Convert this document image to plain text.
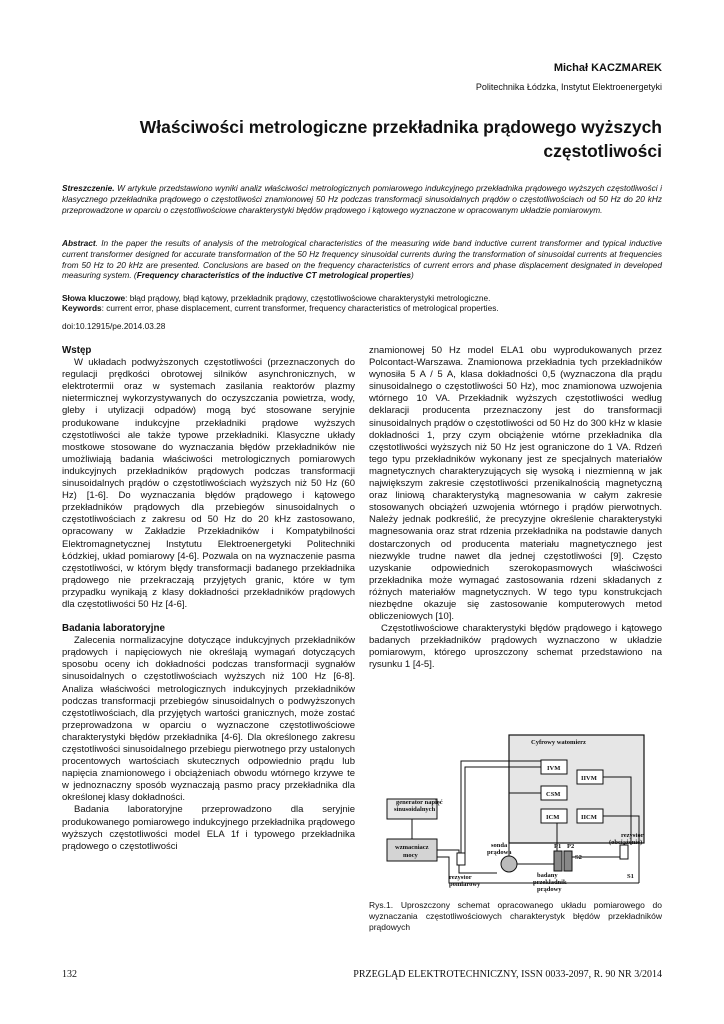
Michał KACZMAREK
Politechnika Łódzka, Instytut Elektroenergetyki
Właściwości metrologiczne przekładnika prądowego wyższych częstotliwości
Streszczenie. W artykule przedstawiono wyniki analiz właściwości metrologicznych pomiarowego indukcyjnego przekładnika prądowego wyższych częstotliwości i klasycznego przekładnika prądowego o częstotliwości znamionowej 50 Hz podczas transformacji sinusoidalnych prądów o częstotliwościach od 50 Hz do 20 kHz przeprowadzone w oparciu o częstotliwościowe charakterystyki błędów prądowego i kątowego wyznaczone w opracowanym układzie pomiarowym.
Abstract. In the paper the results of analysis of the metrological characteristics of the measuring wide band inductive current transformer and typical inductive current transformer designed for accurate transformation of the 50 Hz frequency sinusoidal currents during the transformation of sinusoidal currents at frequencies from 50 Hz to 20 kHz are presented. Conclusions are based on the frequency characteristics of current errors and phase displacement designated in developed measuring system. (Frequency characteristics of the inductive CT metrological properties)
Słowa kluczowe: błąd prądowy, błąd kątowy, przekładnik prądowy, częstotliwościowe charakterystyki metrologiczne.
Keywords: current error, phase displacement, current transformer, frequency characteristics of metrological properties.
doi:10.12915/pe.2014.03.28
Wstęp

W układach podwyższonych częstotliwości (przeznaczonych do regulacji prędkości obrotowej silników asynchronicznych, w elektrotermii oraz w systemach zasilania reaktorów plazmy nietermicznej wykorzystywanych do oczyszczania powietrza, wody, gleby i utylizacji odpadów) mogą być stosowane seryjnie produkowane indukcyjne przekładniki prądowe wyższych częstotliwości ale także typowe przekładniki. Klasyczne układy mostkowe stosowane do wyznaczania błędów przekładników nie umożliwiają badania właściwości metrologicznych pomiarowych indukcyjnych przekładników prądowych podczas transformacji sinusoidalnych prądów o częstotliwościach wyższych niż 50 Hz (60 Hz) [1-6]. Do wyznaczania błędów prądowego i kątowego przekładników prądowych dla przebiegów sinusoidalnych o częstotliwościach z zakresu od 50 Hz do 20 kHz zastosowano, opracowany w Zakładzie Przekładników i Kompatybilności Elektromagnetycznej Instytutu Elektroenergetyki Politechniki Łódzkiej, układ pomiarowy [4-6]. Pozwala on na wyznaczenie pasma częstotliwości, w którym błędy transformacji badanego przekładnika prądowego nie przekraczają przyjętych granic, które w tym przypadku wynikają z klasy dokładności przekładników prądowych dla częstotliwości 50 Hz [4-6].

Badania laboratoryjne

Zalecenia normalizacyjne dotyczące indukcyjnych przekładników prądowych i napięciowych nie określają wymagań dotyczących sposobu oceny ich dokładności podczas transformacji sygnałów sinusoidalnych o częstotliwościach wyższych niż 100 Hz [6-8]. Analiza właściwości metrologicznych indukcyjnych przekładników podczas transformacji przebiegów sinusoidalnych o podwyższonych częstotliwościach, dla przyjętych wartości granicznych, może zostać przeprowadzona w oparciu o wyznaczone częstotliwościowe charakterystyki błędów przekładnika [4-6]. Dla określonego zakresu częstotliwości sinusoidalnego przebiegu pierwotnego przy ustalonych procentowych wartościach skutecznych odpowiednio prądu lub napięcia znamionowego i obciążeniach obwodu wtórnego krzywe te w jednoznaczny sposób wyznaczają pasmo pracy przekładnika dla określonej klasy dokładności.

Badania laboratoryjne przeprowadzono dla seryjnie produkowanego pomiarowego indukcyjnego przekładnika prądowego wyższych częstotliwości model ELA 1f i typowego przekładnika prądowego o częstotliwości

znamionowej 50 Hz model ELA1 obu wyprodukowanych przez Polcontact-Warszawa. Znamionowa przekładnia tych przekładników wynosiła 5 A / 5 A, klasa dokładności 0,5 (wyznaczona dla prądu sinusoidalnego o częstotliwości 50 Hz), moc znamionowa uzwojenia wtórnego 10 VA. Przekładnik wyższych częstotliwości według deklaracji producenta przeznaczony jest do transformacji sinusoidalnych prądów o częstotliwości od 50 Hz do 300 kHz w klasie dokładności 1, przy czym obciążenie wtórne przekładnika dla częstotliwości wyższych niż 50 Hz jest ograniczone do 1 VA. Rdzeń tego typu przekładników wykonany jest ze specjalnych materiałów magnetycznych charakteryzujących się wysoką i niezmienną w jak największym zakresie częstotliwości przenikalnością magnetyczną oraz liniową charakterystyką magnesowania w całym zakresie stosowanych obciążeń uzwojenia wtórnego i prądów pierwotnych. Należy jednak podkreślić, że precyzyjne określenie charakterystyki magnesowania oraz strat rdzenia przekładnika na podstawie danych dostarczonych od producenta materiału magnetycznego jest niezwykle trudne nawet dla jednej częstotliwości [9]. Często uzyskanie odpowiednich szerokopasmowych właściwości przekładnika może wymagać zastosowania rdzeni składanych z różnych materiałów magnetycznych. W tego typu konstrukcjach niezbędne okazuje się zastosowanie komputerowych metod obliczeniowych [10].

Częstotliwościowe charakterystyki błędów prądowego i kątowego badanych przekładników prądowych wyznaczono w układzie pomiarowym, którego uproszczony schemat przedstawiono na rysunku 1 [4-5].

Cyfrowy watomierz
IVM
IIVM
CSM
ICM	IICM
generator napięć
sinusoidalnych
wzmacniacz
mocy
rezystor
pomiarowy
sonda
prądowa
P1 P2
S2
S1
badany
przekładnik
prądowy
rezystor
(obciążenie)
Rys.1. Uproszczony schemat opracowanego układu pomiarowego do wyznaczania częstotliwościowych charakterystyk błędów przekładników prądowych
132	PRZEGLĄD ELEKTROTECHNICZNY, ISSN 0033-2097, R. 90 NR 3/2014
